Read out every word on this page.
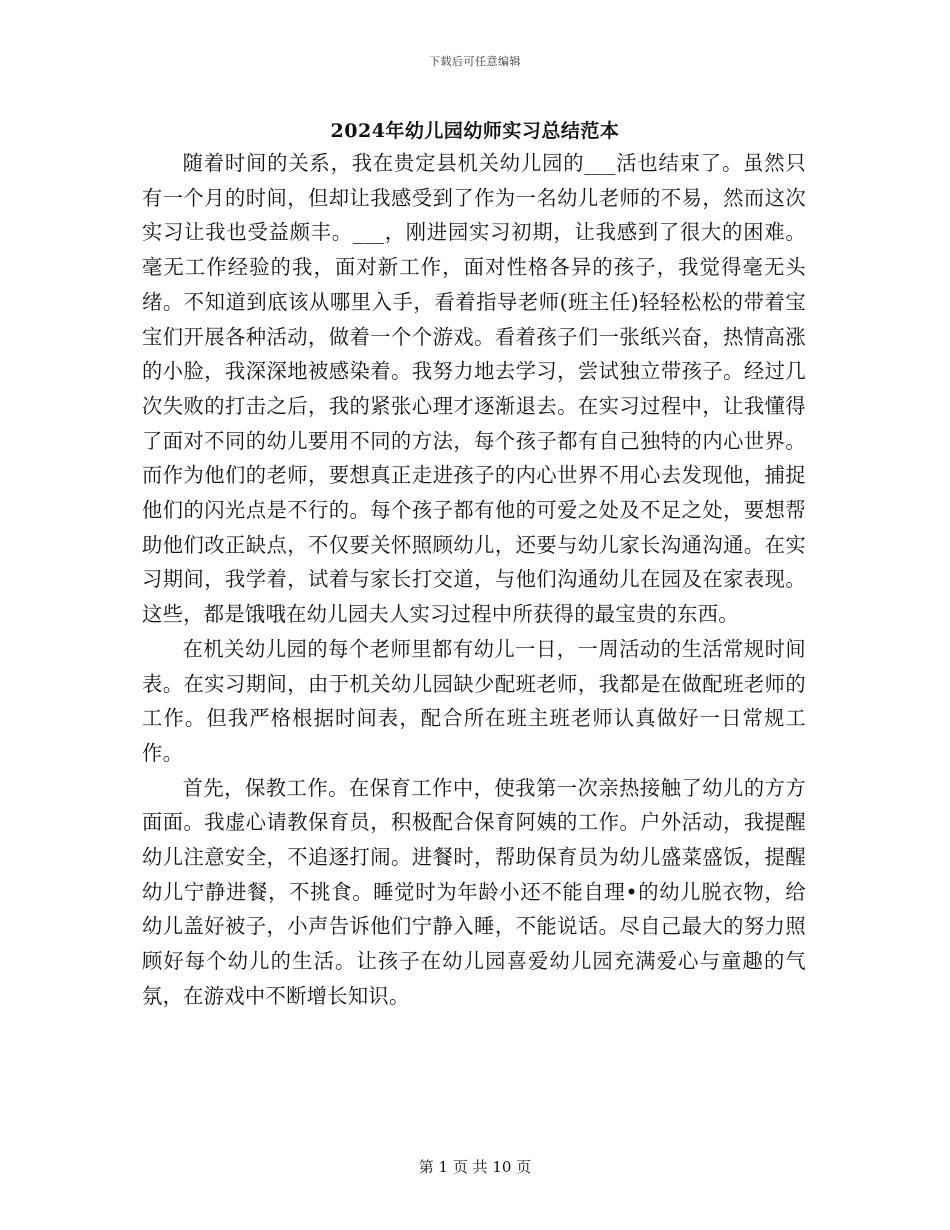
下载后可任意编辑
2024年幼儿园幼师实习总结范本

随着时间的关系，我在贵定县机关幼儿园的___活也结束了。虽然只有一个月的时间，但却让我感受到了作为一名幼儿老师的不易，然而这次实习让我也受益颇丰。___，刚进园实习初期，让我感到了很大的困难。毫无工作经验的我，面对新工作，面对性格各异的孩子，我觉得毫无头绪。不知道到底该从哪里入手，看着指导老师(班主任)轻轻松松的带着宝宝们开展各种活动，做着一个个游戏。看着孩子们一张纸兴奋，热情高涨的小脸，我深深地被感染着。我努力地去学习，尝试独立带孩子。经过几次失败的打击之后，我的紧张心理才逐渐退去。在实习过程中，让我懂得了面对不同的幼儿要用不同的方法，每个孩子都有自己独特的内心世界。而作为他们的老师，要想真正走进孩子的内心世界不用心去发现他，捕捉他们的闪光点是不行的。每个孩子都有他的可爱之处及不足之处，要想帮助他们改正缺点，不仅要关怀照顾幼儿，还要与幼儿家长沟通沟通。在实习期间，我学着，试着与家长打交道，与他们沟通幼儿在园及在家表现。这些，都是饿哦在幼儿园夫人实习过程中所获得的最宝贵的东西。

在机关幼儿园的每个老师里都有幼儿一日，一周活动的生活常规时间表。在实习期间，由于机关幼儿园缺少配班老师，我都是在做配班老师的工作。但我严格根据时间表，配合所在班主班老师认真做好一日常规工作。

首先，保教工作。在保育工作中，使我第一次亲热接触了幼儿的方方面面。我虚心请教保育员，积极配合保育阿姨的工作。户外活动，我提醒幼儿注意安全，不追逐打闹。进餐时，帮助保育员为幼儿盛菜盛饭，提醒幼儿宁静进餐，不挑食。睡觉时为年龄小还不能自理•的幼儿脱衣物，给幼儿盖好被子，小声告诉他们宁静入睡，不能说话。尽自己最大的努力照顾好每个幼儿的生活。让孩子在幼儿园喜爱幼儿园充满爱心与童趣的气氛，在游戏中不断增长知识。

第 1 页 共 10 页
